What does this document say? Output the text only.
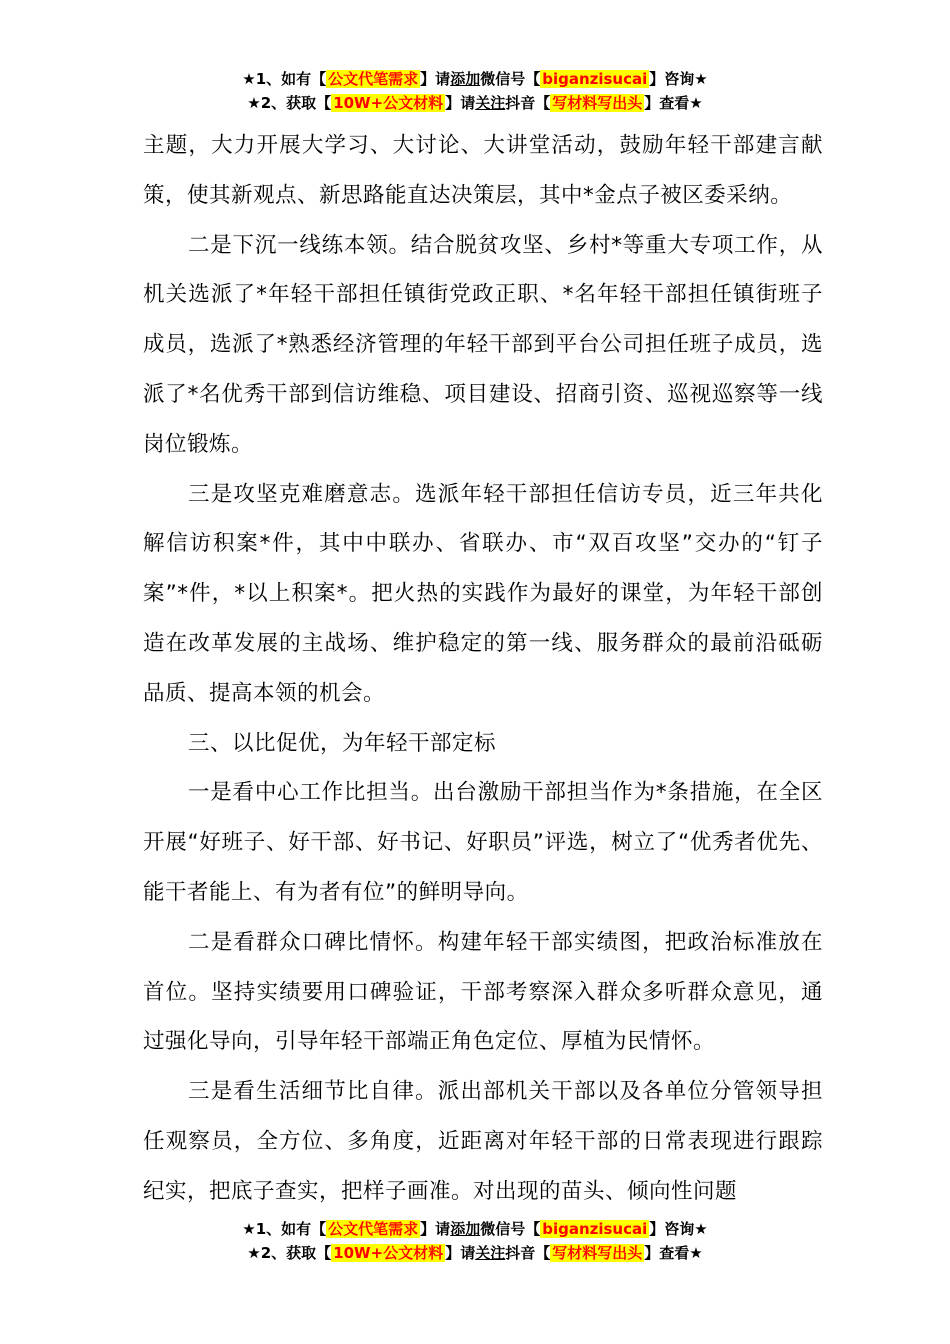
★1、如有【 公文代笔需求 】请添加微信号【 biganzisucai 】咨询★
★2、获取【 10W+公文材料 】请关注抖音【 写材料写出头 】查看★

主题，大力开展大学习、大讨论、大讲堂活动，鼓励年轻干部建言献策，使其新观点、新思路能直达决策层，其中*金点子被区委采纳。

二是下沉一线练本领。结合脱贫攻坚、乡村*等重大专项工作，从机关选派了*年轻干部担任镇街党政正职、*名年轻干部担任镇街班子成员，选派了*熟悉经济管理的年轻干部到平台公司担任班子成员，选派了*名优秀干部到信访维稳、项目建设、招商引资、巡视巡察等一线岗位锻炼。

三是攻坚克难磨意志。选派年轻干部担任信访专员，近三年共化解信访积案*件，其中中联办、省联办、市“双百攻坚”交办的“钉子案”*件，*以上积案*。把火热的实践作为最好的课堂，为年轻干部创造在改革发展的主战场、维护稳定的第一线、服务群众的最前沿砥砺品质、提高本领的机会。

三、以比促优，为年轻干部定标

一是看中心工作比担当。出台激励干部担当作为*条措施，在全区开展“好班子、好干部、好书记、好职员”评选，树立了“优秀者优先、能干者能上、有为者有位”的鲜明导向。

二是看群众口碑比情怀。构建年轻干部实绩图，把政治标准放在首位。坚持实绩要用口碑验证，干部考察深入群众多听群众意见，通过强化导向，引导年轻干部端正角色定位、厚植为民情怀。

三是看生活细节比自律。派出部机关干部以及各单位分管领导担任观察员，全方位、多角度，近距离对年轻干部的日常表现进行跟踪纪实，把底子查实，把样子画准。对出现的苗头、倾向性问题

★1、如有【 公文代笔需求 】请添加微信号【 biganzisucai 】咨询★
★2、获取【 10W+公文材料 】请关注抖音【 写材料写出头 】查看★
